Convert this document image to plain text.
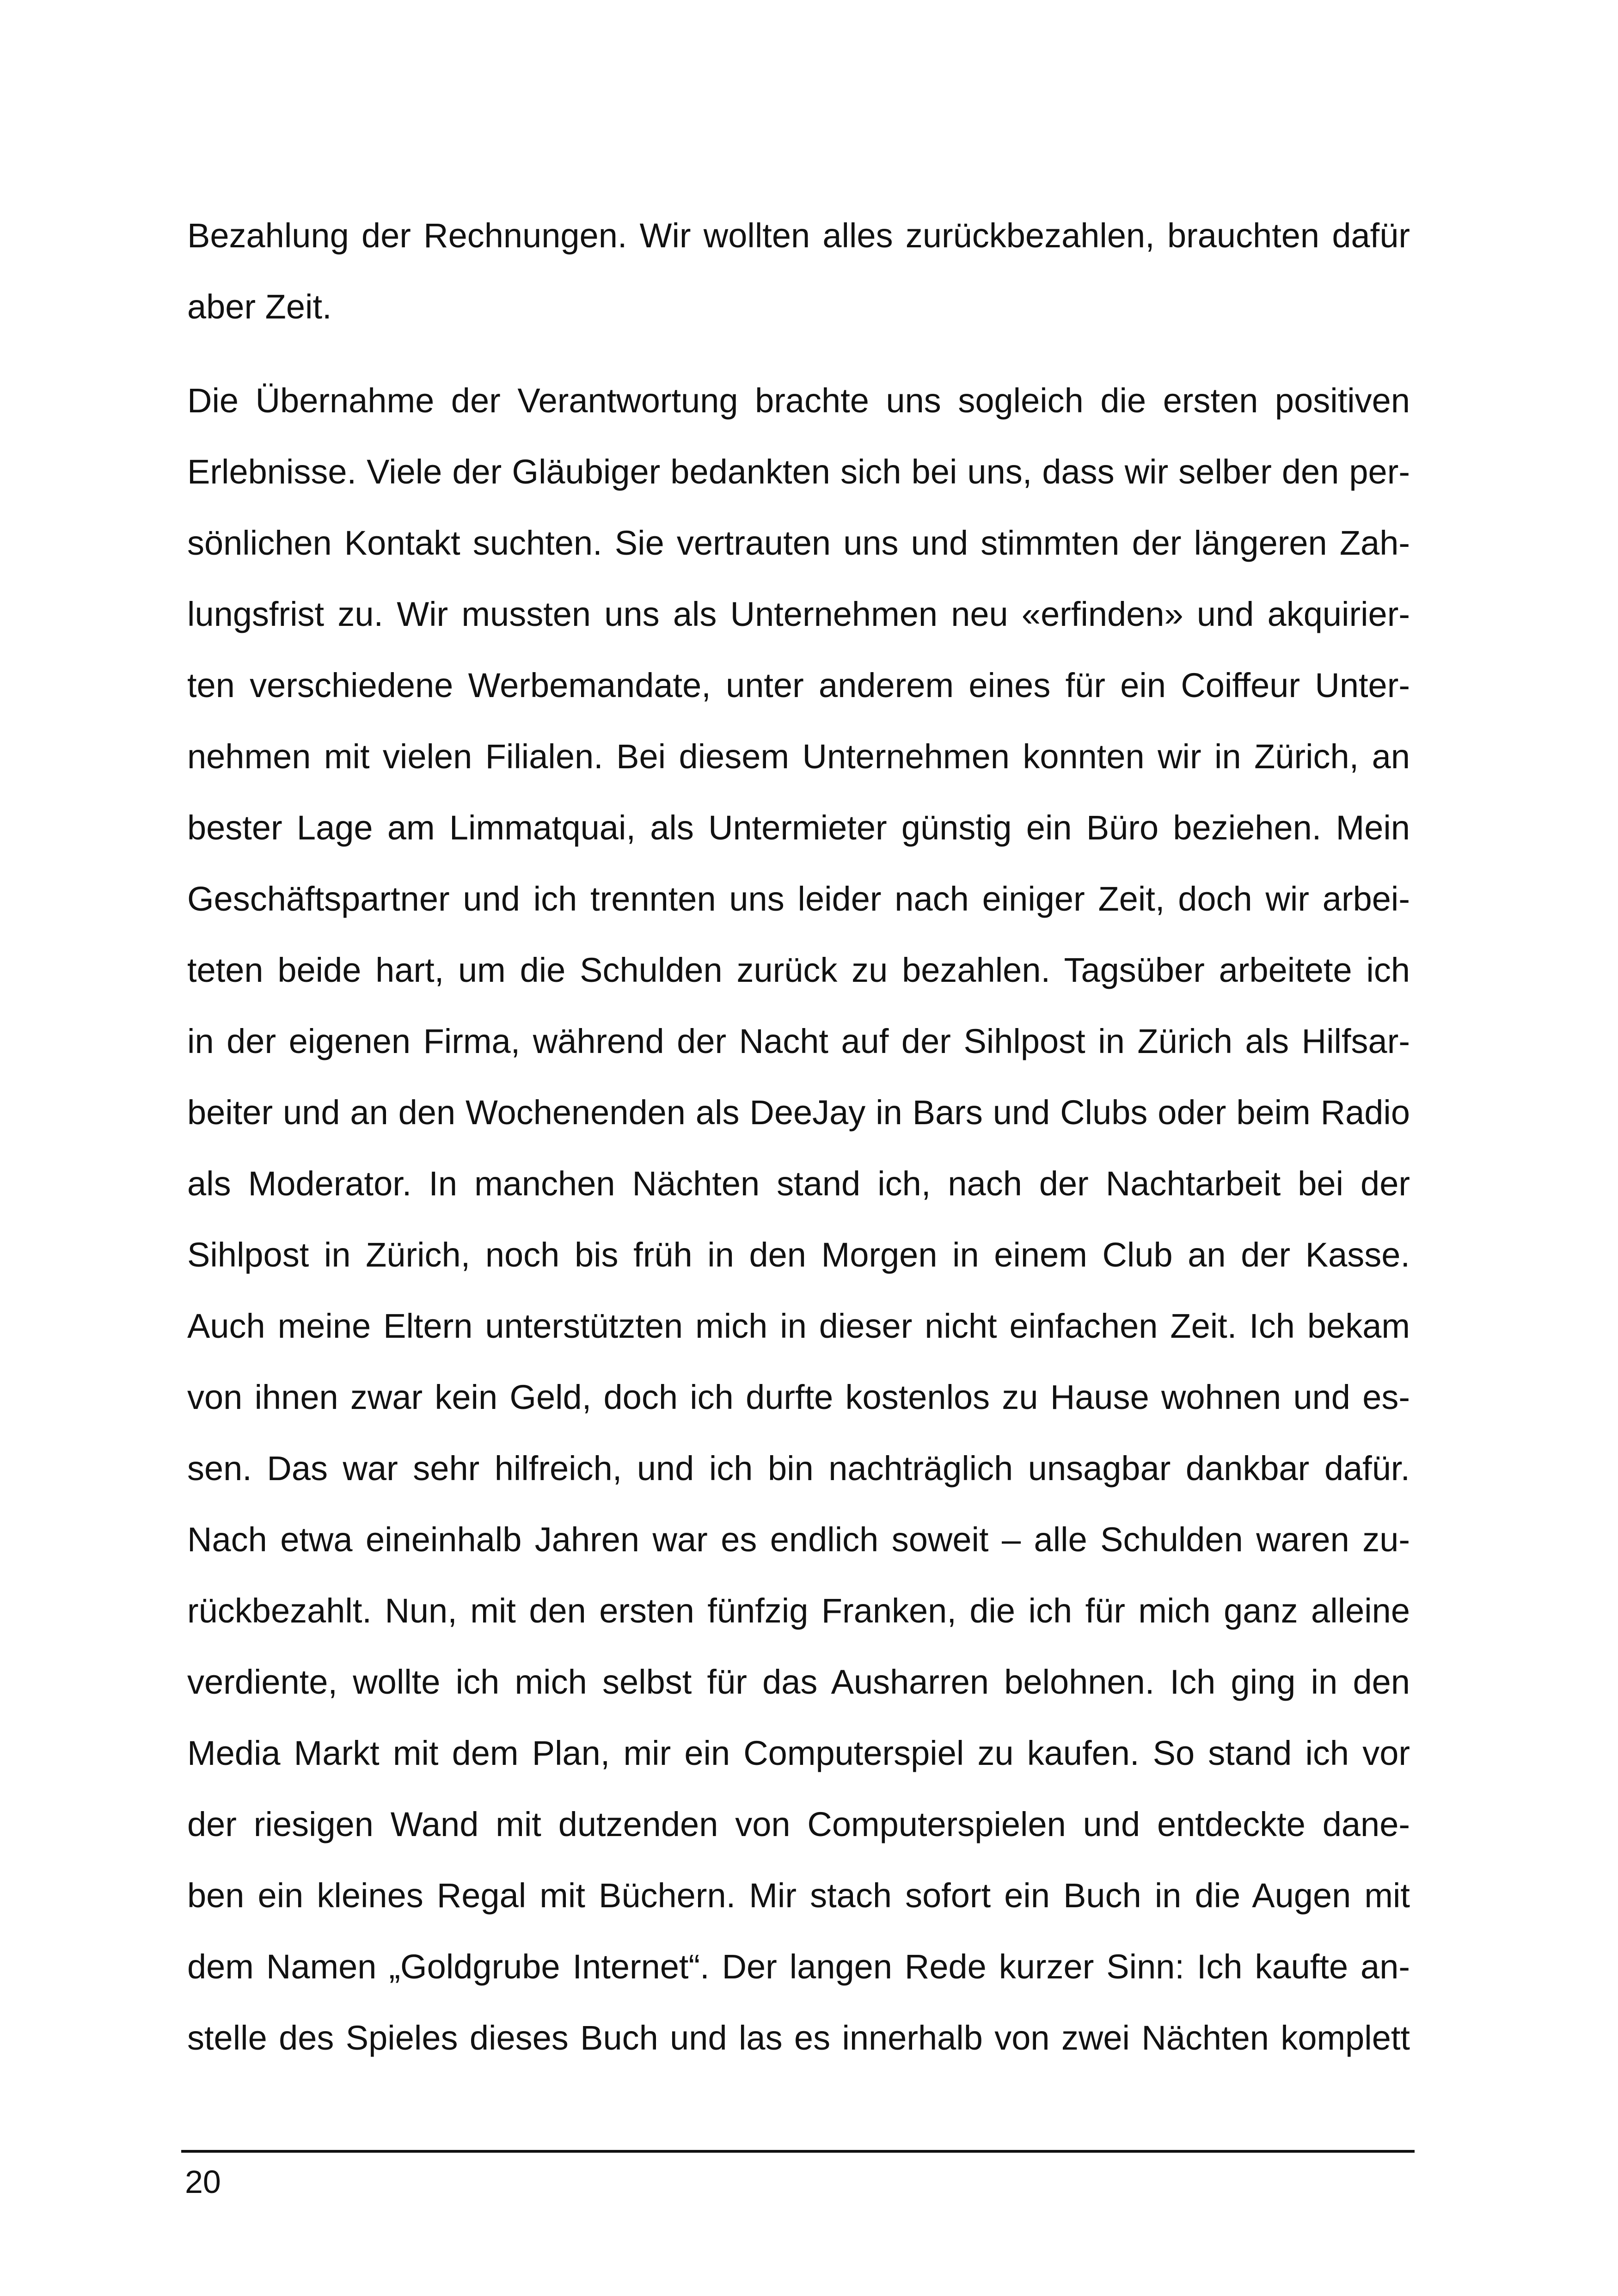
Bezahlung der Rechnungen. Wir wollten alles zurückbezahlen, brauchten dafür
aber Zeit.
Die Übernahme der Verantwortung brachte uns sogleich die ersten positiven
Erlebnisse. Viele der Gläubiger bedankten sich bei uns, dass wir selber den per-
sönlichen Kontakt suchten. Sie vertrauten uns und stimmten der längeren Zah-
lungsfrist zu. Wir mussten uns als Unternehmen neu «erfinden» und akquirier-
ten verschiedene Werbemandate, unter anderem eines für ein Coiffeur Unter-
nehmen mit vielen Filialen. Bei diesem Unternehmen konnten wir in Zürich, an
bester Lage am Limmatquai, als Untermieter günstig ein Büro beziehen. Mein
Geschäftspartner und ich trennten uns leider nach einiger Zeit, doch wir arbei-
teten beide hart, um die Schulden zurück zu bezahlen. Tagsüber arbeitete ich
in der eigenen Firma, während der Nacht auf der Sihlpost in Zürich als Hilfsar-
beiter und an den Wochenenden als DeeJay in Bars und Clubs oder beim Radio
als Moderator. In manchen Nächten stand ich, nach der Nachtarbeit bei der
Sihlpost in Zürich, noch bis früh in den Morgen in einem Club an der Kasse.
Auch meine Eltern unterstützten mich in dieser nicht einfachen Zeit. Ich bekam
von ihnen zwar kein Geld, doch ich durfte kostenlos zu Hause wohnen und es-
sen. Das war sehr hilfreich, und ich bin nachträglich unsagbar dankbar dafür.
Nach etwa eineinhalb Jahren war es endlich soweit – alle Schulden waren zu-
rückbezahlt. Nun, mit den ersten fünfzig Franken, die ich für mich ganz alleine
verdiente, wollte ich mich selbst für das Ausharren belohnen. Ich ging in den
Media Markt mit dem Plan, mir ein Computerspiel zu kaufen. So stand ich vor
der riesigen Wand mit dutzenden von Computerspielen und entdeckte dane-
ben ein kleines Regal mit Büchern. Mir stach sofort ein Buch in die Augen mit
dem Namen „Goldgrube Internet“. Der langen Rede kurzer Sinn: Ich kaufte an-
stelle des Spieles dieses Buch und las es innerhalb von zwei Nächten komplett
20
